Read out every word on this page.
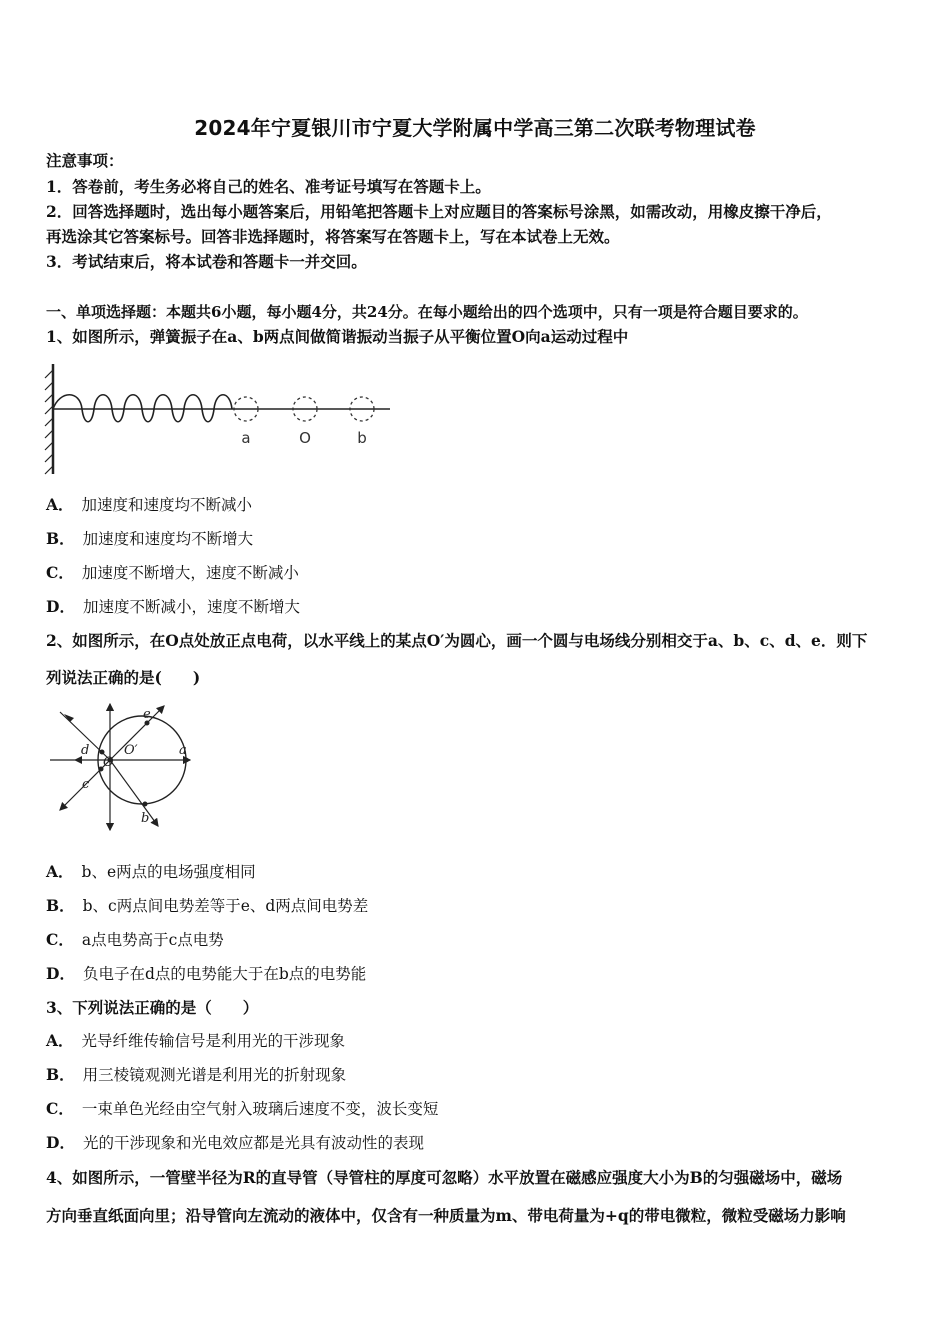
2024年宁夏银川市宁夏大学附属中学高三第二次联考物理试卷
注意事项：
1．答卷前，考生务必将自己的姓名、准考证号填写在答题卡上。
2．回答选择题时，选出每小题答案后，用铅笔把答题卡上对应题目的答案标号涂黑，如需改动，用橡皮擦干净后，
再选涂其它答案标号。回答非选择题时，将答案写在答题卡上，写在本试卷上无效。
3．考试结束后，将本试卷和答题卡一并交回。
一、单项选择题：本题共6小题，每小题4分，共24分。在每小题给出的四个选项中，只有一项是符合题目要求的。
1、如图所示，弹簧振子在a、b两点间做简谐振动当振子从平衡位置O向a运动过程中
a	O	b
A． 加速度和速度均不断减小
B． 加速度和速度均不断增大
C． 加速度不断增大，速度不断减小
D． 加速度不断减小，速度不断增大
2、如图所示，在O点处放正点电荷，以水平线上的某点O′为圆心，画一个圆与电场线分别相交于a、b、c、d、e．则下
列说法正确的是(　　)
e
d
O
O′	a
c
b
A． b、e两点的电场强度相同
B． b、c两点间电势差等于e、d两点间电势差
C． a点电势高于c点电势
D． 负电子在d点的电势能大于在b点的电势能
3、下列说法正确的是（　　）
A． 光导纤维传输信号是利用光的干涉现象
B． 用三棱镜观测光谱是利用光的折射现象
C． 一束单色光经由空气射入玻璃后速度不变，波长变短
D． 光的干涉现象和光电效应都是光具有波动性的表现
4、如图所示，一管壁半径为R的直导管（导管柱的厚度可忽略）水平放置在磁感应强度大小为B的匀强磁场中，磁场
方向垂直纸面向里；沿导管向左流动的液体中，仅含有一种质量为m、带电荷量为+q的带电微粒，微粒受磁场力影响
